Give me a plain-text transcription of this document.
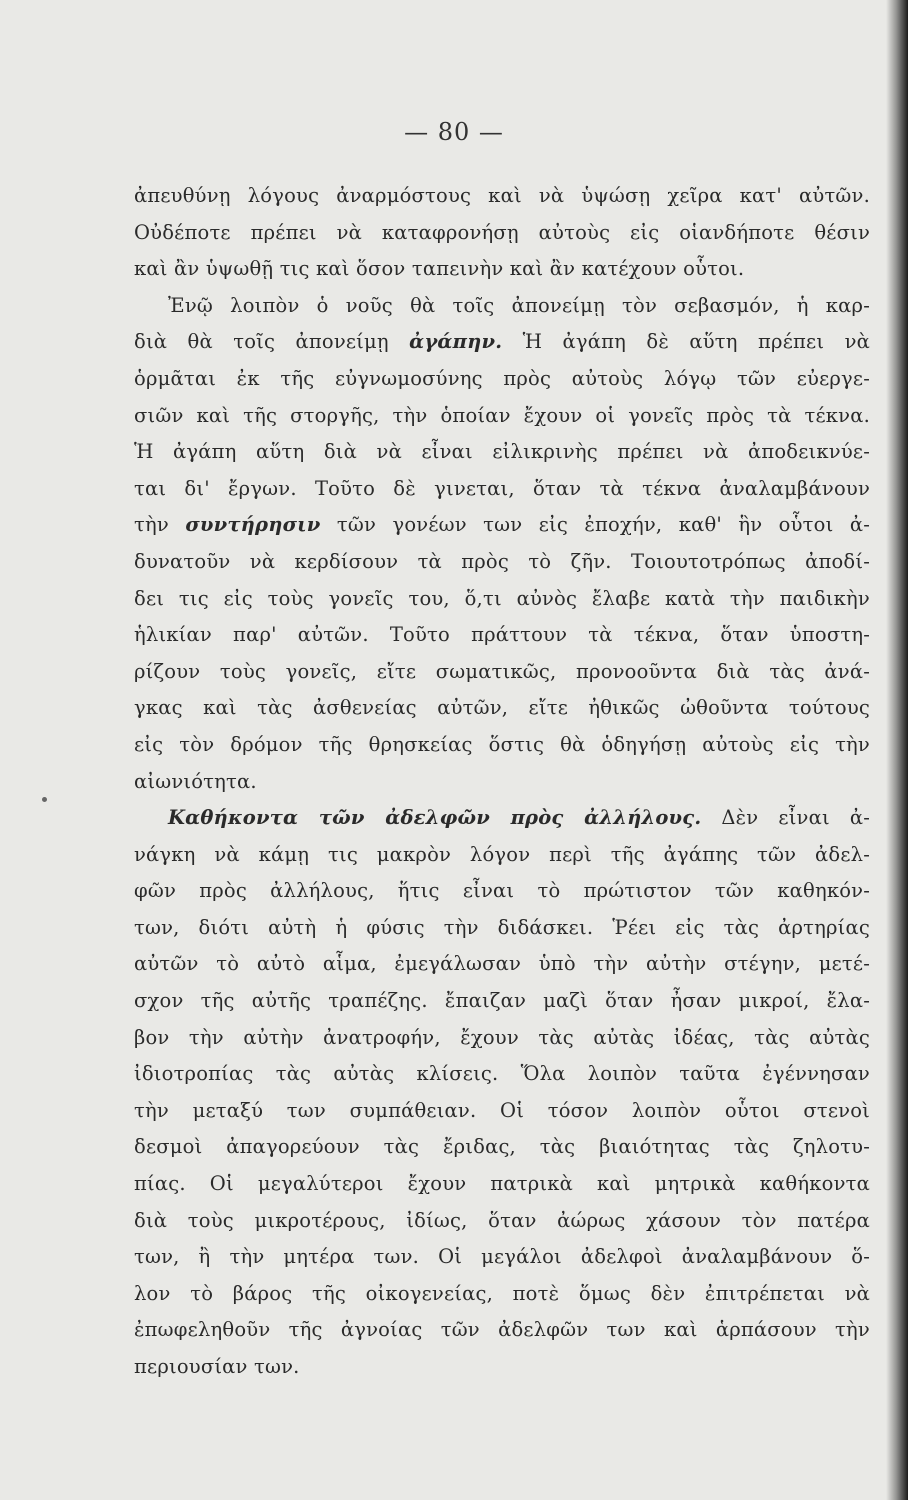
— 80 —
ἀπευθύνῃ λόγους ἀναρμόστους καὶ νὰ ὑψώσῃ χεῖρα κατ' αὐτῶν.
Οὐδέποτε πρέπει νὰ καταφρονήσῃ αὐτοὺς εἰς οἱανδήποτε θέσιν
καὶ ἂν ὑψωθῇ τις καὶ ὅσον ταπεινὴν καὶ ἂν κατέχουν οὗτοι.
Ἐνῷ λοιπὸν ὁ νοῦς θὰ τοῖς ἀπονείμῃ τὸν σεβασμόν, ἡ καρ-
διὰ θὰ τοῖς ἀπονείμῃ ἀγάπην. Ἡ ἀγάπη δὲ αὕτη πρέπει νὰ
ὁρμᾶται ἐκ τῆς εὐγνωμοσύνης πρὸς αὐτοὺς λόγῳ τῶν εὐεργε-
σιῶν καὶ τῆς στοργῆς, τὴν ὁποίαν ἔχουν οἱ γονεῖς πρὸς τὰ τέκνα.
Ἡ ἀγάπη αὕτη διὰ νὰ εἶναι εἰλικρινὴς πρέπει νὰ ἀποδεικνύε-
ται δι' ἔργων. Τοῦτο δὲ γινεται, ὅταν τὰ τέκνα ἀναλαμβάνουν
τὴν συντήρησιν τῶν γονέων των εἰς ἐποχήν, καθ' ἣν οὗτοι ἀ-
δυνατοῦν νὰ κερδίσουν τὰ πρὸς τὸ ζῆν. Τοιουτοτρόπως ἀποδί-
δει τις εἰς τοὺς γονεῖς του, ὅ,τι αὐνὸς ἔλαβε κατὰ τὴν παιδικὴν
ἡλικίαν παρ' αὐτῶν. Τοῦτο πράττουν τὰ τέκνα, ὅταν ὑποστη-
ρίζουν τοὺς γονεῖς, εἴτε σωματικῶς, προνοοῦντα διὰ τὰς ἀνά-
γκας καὶ τὰς ἀσθενείας αὐτῶν, εἴτε ἠθικῶς ὠθοῦντα τούτους
εἰς τὸν δρόμον τῆς θρησκείας ὅστις θὰ ὁδηγήσῃ αὐτοὺς εἰς τὴν
αἰωνιότητα.
Καθήκοντα τῶν ἀδελφῶν πρὸς ἀλλήλους. Δὲν εἶναι ἀ-
νάγκη νὰ κάμῃ τις μακρὸν λόγον περὶ τῆς ἀγάπης τῶν ἀδελ-
φῶν πρὸς ἀλλήλους, ἥτις εἶναι τὸ πρώτιστον τῶν καθηκόν-
των, διότι αὐτὴ ἡ φύσις τὴν διδάσκει. Ῥέει εἰς τὰς ἀρτηρίας
αὐτῶν τὸ αὐτὸ αἷμα, ἐμεγάλωσαν ὑπὸ τὴν αὐτὴν στέγην, μετέ-
σχον τῆς αὐτῆς τραπέζης. ἔπαιζαν μαζὶ ὅταν ἦσαν μικροί, ἔλα-
βον τὴν αὐτὴν ἀνατροφήν, ἔχουν τὰς αὐτὰς ἰδέας, τὰς αὐτὰς
ἰδιοτροπίας τὰς αὐτὰς κλίσεις. Ὅλα λοιπὸν ταῦτα ἐγέννησαν
τὴν μεταξύ των συμπάθειαν. Οἱ τόσον λοιπὸν οὗτοι στενοὶ
δεσμοὶ ἀπαγορεύουν τὰς ἔριδας, τὰς βιαιότητας τὰς ζηλοτυ-
πίας. Οἱ μεγαλύτεροι ἔχουν πατρικὰ καὶ μητρικὰ καθήκοντα
διὰ τοὺς μικροτέρους, ἰδίως, ὅταν ἀώρως χάσουν τὸν πατέρα
των, ἢ τὴν μητέρα των. Οἱ μεγάλοι ἀδελφοὶ ἀναλαμβάνουν ὅ-
λον τὸ βάρος τῆς οἰκογενείας, ποτὲ ὅμως δὲν ἐπιτρέπεται νὰ
ἐπωφεληθοῦν τῆς ἀγνοίας τῶν ἀδελφῶν των καὶ ἁρπάσουν τὴν
περιουσίαν των.
